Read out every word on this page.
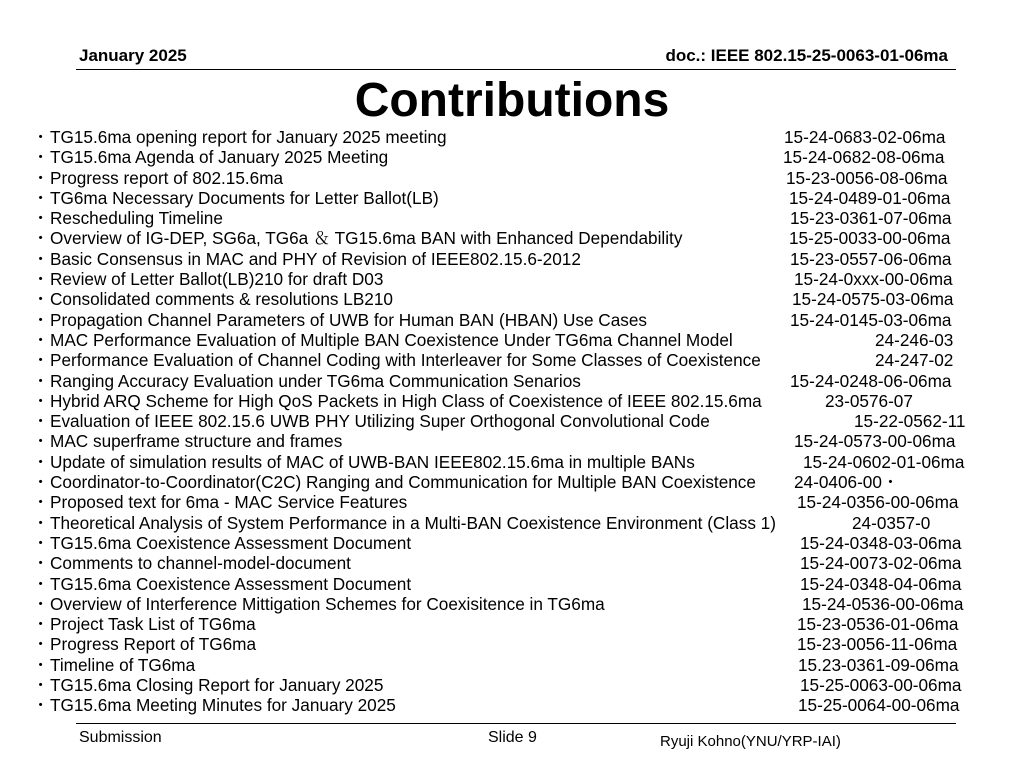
January 2025	doc.: IEEE 802.15-25-0063-01-06ma
Contributions
・ TG15.6ma opening report for January 2025 meeting	15-24-0683-02-06ma
・ TG15.6ma Agenda of January 2025 Meeting	15-24-0682-08-06ma
・ Progress report of 802.15.6ma	15-23-0056-08-06ma
・ TG6ma Necessary Documents for Letter Ballot(LB)	15-24-0489-01-06ma
・ Rescheduling Timeline	15-23-0361-07-06ma
・ Overview of IG-DEP, SG6a, TG6a ＆ TG15.6ma BAN with Enhanced Dependability	15-25-0033-00-06ma
・ Basic Consensus in MAC and PHY of Revision of IEEE802.15.6-2012	15-23-0557-06-06ma
・ Review of Letter Ballot(LB)210 for draft D03	15-24-0xxx-00-06ma
・ Consolidated comments & resolutions LB210	15-24-0575-03-06ma
・ Propagation Channel Parameters of UWB for Human BAN (HBAN) Use Cases	15-24-0145-03-06ma
・ MAC Performance Evaluation of Multiple BAN Coexistence Under TG6ma Channel Model	24-246-03
・ Performance Evaluation of Channel Coding with Interleaver for Some Classes of Coexistence	24-247-02
・ Ranging Accuracy Evaluation under TG6ma Communication Senarios	15-24-0248-06-06ma
・ Hybrid ARQ Scheme for High QoS Packets in High Class of Coexistence of IEEE 802.15.6ma	23-0576-07
・ Evaluation of IEEE 802.15.6 UWB PHY Utilizing Super Orthogonal Convolutional Code	15-22-0562-11
・ MAC superframe structure and frames	15-24-0573-00-06ma
・ Update of simulation results of MAC of UWB-BAN IEEE802.15.6ma in multiple BANs	15-24-0602-01-06ma
・ Coordinator-to-Coordinator(C2C) Ranging and Communication for Multiple BAN Coexistence 24-0406-00・
・ Proposed text for 6ma - MAC Service Features	15-24-0356-00-06ma
・ Theoretical Analysis of System Performance in a Multi-BAN Coexistence Environment (Class 1)	24-0357-0
・ TG15.6ma Coexistence Assessment Document	15-24-0348-03-06ma
・ Comments to channel-model-document	15-24-0073-02-06ma
・ TG15.6ma Coexistence Assessment Document	15-24-0348-04-06ma
・ Overview of Interference Mittigation Schemes for Coexisitence in TG6ma	15-24-0536-00-06ma
・ Project Task List of TG6ma	15-23-0536-01-06ma
・ Progress Report of TG6ma	15-23-0056-11-06ma
・ Timeline of TG6ma	15.23-0361-09-06ma
・ TG15.6ma Closing Report for January 2025	15-25-0063-00-06ma
・ TG15.6ma Meeting Minutes for January 2025	15-25-0064-00-06ma
Submission	Slide 9	Ryuji Kohno(YNU/YRP-IAI)
